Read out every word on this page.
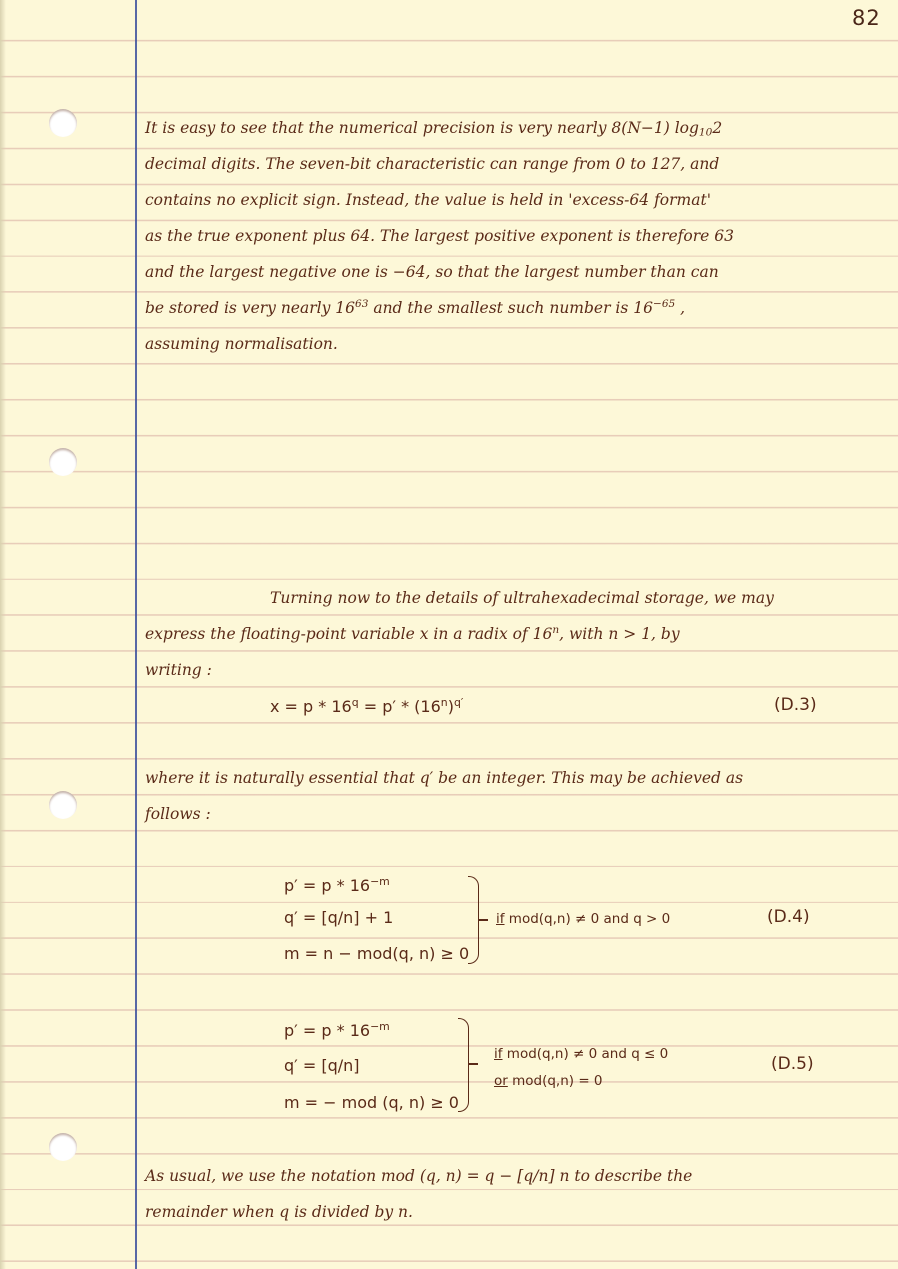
82
It is easy to see that the numerical precision is very nearly 8(N−1) $\log_{10}2$
decimal digits. The seven-bit characteristic can range from 0 to 127, and
contains no explicit sign. Instead, the value is held in 'excess-64 format'
as the true exponent plus 64. The largest positive exponent is therefore 63
and the largest negative one is −64, so that the largest number than can
be stored is very nearly $16^{63}$ and the smallest such number is $16^{-65}$ ,
assuming normalisation.
Turning now to the details of ultrahexadecimal storage, we may
express the floating-point variable x in a radix of 16$^n$, with n > 1, by
writing :
$x = p * 16^q = p' * (16^n)^{q'}$	(D.3)
where it is naturally essential that q′ be an integer. This may be achieved as
follows :
$p' = p * 16^{-m}$
q′ = [q/n] + 1
m = n − mod(q, n) ≥ 0
if mod(q,n) ≠ 0 and q > 0	(D.4)
$p' = p * 16^{-m}$
q′ = [q/n]
m = − mod (q, n) ≥ 0
if mod(q,n) ≠ 0 and q ≤ 0
or mod(q,n) = 0
(D.5)
As usual, we use the notation mod (q, n) = q − [q/n] n to describe the
remainder when q is divided by n.
